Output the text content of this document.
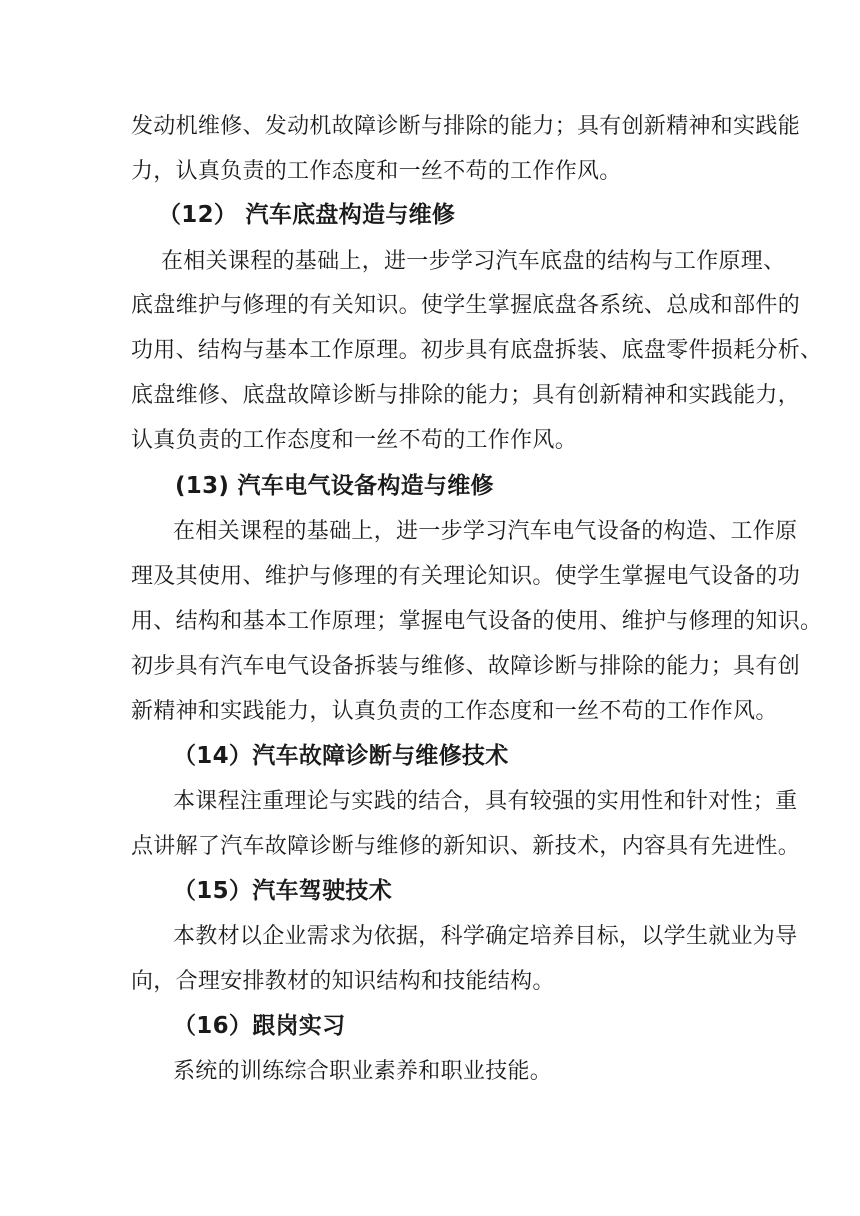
发动机维修、发动机故障诊断与排除的能力；具有创新精神和实践能
力，认真负责的工作态度和一丝不苟的工作作风。
（12） 汽车底盘构造与维修
在相关课程的基础上，进一步学习汽车底盘的结构与工作原理、
底盘维护与修理的有关知识。使学生掌握底盘各系统、总成和部件的
功用、结构与基本工作原理。初步具有底盘拆装、底盘零件损耗分析、
底盘维修、底盘故障诊断与排除的能力；具有创新精神和实践能力，
认真负责的工作态度和一丝不苟的工作作风。
(13) 汽车电气设备构造与维修
在相关课程的基础上，进一步学习汽车电气设备的构造、工作原
理及其使用、维护与修理的有关理论知识。使学生掌握电气设备的功
用、结构和基本工作原理；掌握电气设备的使用、维护与修理的知识。
初步具有汽车电气设备拆装与维修、故障诊断与排除的能力；具有创
新精神和实践能力，认真负责的工作态度和一丝不苟的工作作风。
（14）汽车故障诊断与维修技术
本课程注重理论与实践的结合，具有较强的实用性和针对性；重
点讲解了汽车故障诊断与维修的新知识、新技术，内容具有先进性。
（15）汽车驾驶技术
本教材以企业需求为依据，科学确定培养目标，以学生就业为导
向，合理安排教材的知识结构和技能结构。
（16）跟岗实习
系统的训练综合职业素养和职业技能。
